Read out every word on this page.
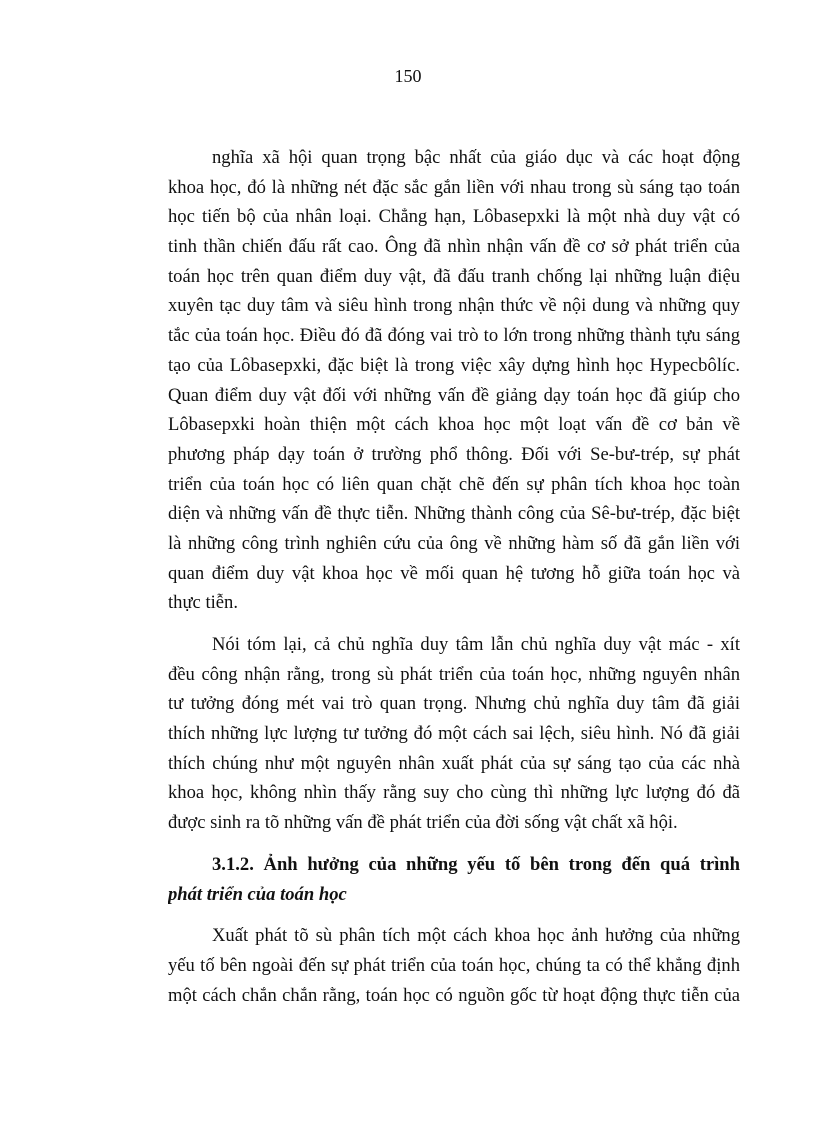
150
nghĩa xã hội quan trọng bậc nhất của giáo dục và các hoạt động
khoa học, đó là những nét đặc sắc gắn liền với nhau trong sù sáng tạo toán
học tiến bộ của nhân loại. Chẳng hạn, Lôbasepxki là một nhà duy vật có
tinh thần chiến đấu rất cao. Ông đã nhìn nhận vấn đề cơ sở phát triển của
toán học trên quan điểm duy vật, đã đấu tranh chống lại những luận điệu
xuyên tạc duy tâm và siêu hình trong nhận thức về nội dung và những quy
tắc của toán học. Điều đó đã đóng vai trò to lớn trong những thành tựu sáng
tạo của Lôbasepxki, đặc biệt là trong việc xây dựng hình học Hypecbôlíc.
Quan điểm duy vật đối với những vấn đề giảng dạy toán học đã giúp cho
Lôbasepxki hoàn thiện một cách khoa học một loạt vấn đề cơ bản về
phương pháp dạy toán ở trường phổ thông. Đối với Se-bư-trép, sự phát
triển của toán học có liên quan chặt chẽ đến sự phân tích khoa học toàn
diện và những vấn đề thực tiễn. Những thành công của Sê-bư-trép, đặc biệt
là những công trình nghiên cứu của ông về những hàm số đã gắn liền với
quan điểm duy vật khoa học về mối quan hệ tương hỗ giữa toán học và
thực tiễn.
Nói tóm lại, cả chủ nghĩa duy tâm lẫn chủ nghĩa duy vật mác - xít
đều công nhận rằng, trong sù phát triển của toán học, những nguyên nhân
tư tưởng đóng mét vai trò quan trọng. Nhưng chủ nghĩa duy tâm đã giải
thích những lực lượng tư tưởng đó một cách sai lệch, siêu hình. Nó đã giải
thích chúng như một nguyên nhân xuất phát của sự sáng tạo của các nhà
khoa học, không nhìn thấy rằng suy cho cùng thì những lực lượng đó đã
được sinh ra tõ những vấn đề phát triển của đời sống vật chất xã hội.
3.1.2. Ảnh hưởng của những yếu tố bên trong đến quá trình
phát triển của toán học
Xuất phát tõ sù phân tích một cách khoa học ảnh hưởng của những
yếu tố bên ngoài đến sự phát triển của toán học, chúng ta có thể khẳng định
một cách chắn chắn rằng, toán học có nguồn gốc từ hoạt động thực tiễn của
